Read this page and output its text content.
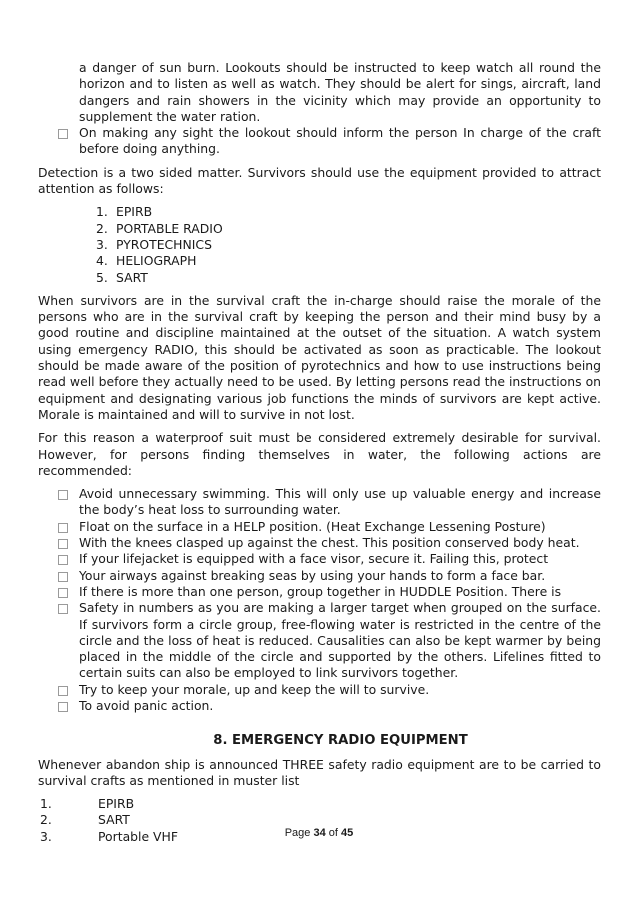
a danger of sun burn. Lookouts should be instructed to keep watch all round the horizon and to listen as well as watch. They should be alert for sings, aircraft, land dangers and rain showers in the vicinity which may provide an opportunity to supplement the water ration.
On making any sight the lookout should inform the person In charge of the craft before doing anything.

Detection is a two sided matter. Survivors should use the equipment provided to attract attention as follows:

1. EPIRB
2. PORTABLE RADIO
3. PYROTECHNICS
4. HELIOGRAPH
5. SART

When survivors are in the survival craft the in-charge should raise the morale of the persons who are in the survival craft by keeping the person and their mind busy by a good routine and discipline maintained at the outset of the situation. A watch system using emergency RADIO, this should be activated as soon as practicable. The lookout should be made aware of the position of pyrotechnics and how to use instructions being read well before they actually need to be used. By letting persons read the instructions on equipment and designating various job functions the minds of survivors are kept active. Morale is maintained and will to survive in not lost.

For this reason a waterproof suit must be considered extremely desirable for survival. However, for persons finding themselves in water, the following actions are recommended:

Avoid unnecessary swimming. This will only use up valuable energy and increase the body’s heat loss to surrounding water.
Float on the surface in a HELP position. (Heat Exchange Lessening Posture)
With the knees clasped up against the chest. This position conserved body heat.
If your lifejacket is equipped with a face visor, secure it. Failing this, protect
Your airways against breaking seas by using your hands to form a face bar.
If there is more than one person, group together in HUDDLE Position. There is
Safety in numbers as you are making a larger target when grouped on the surface. If survivors form a circle group, free-flowing water is restricted in the centre of the circle and the loss of heat is reduced. Causalities can also be kept warmer by being placed in the middle of the circle and supported by the others. Lifelines fitted to certain suits can also be employed to link survivors together.
Try to keep your morale, up and keep the will to survive.
To avoid panic action.
8. EMERGENCY RADIO EQUIPMENT

Whenever abandon ship is announced THREE safety radio equipment are to be carried to survival crafts as mentioned in muster list

1.	EPIRB
2.	SART
3.	Portable VHF	Page 34 of 45
